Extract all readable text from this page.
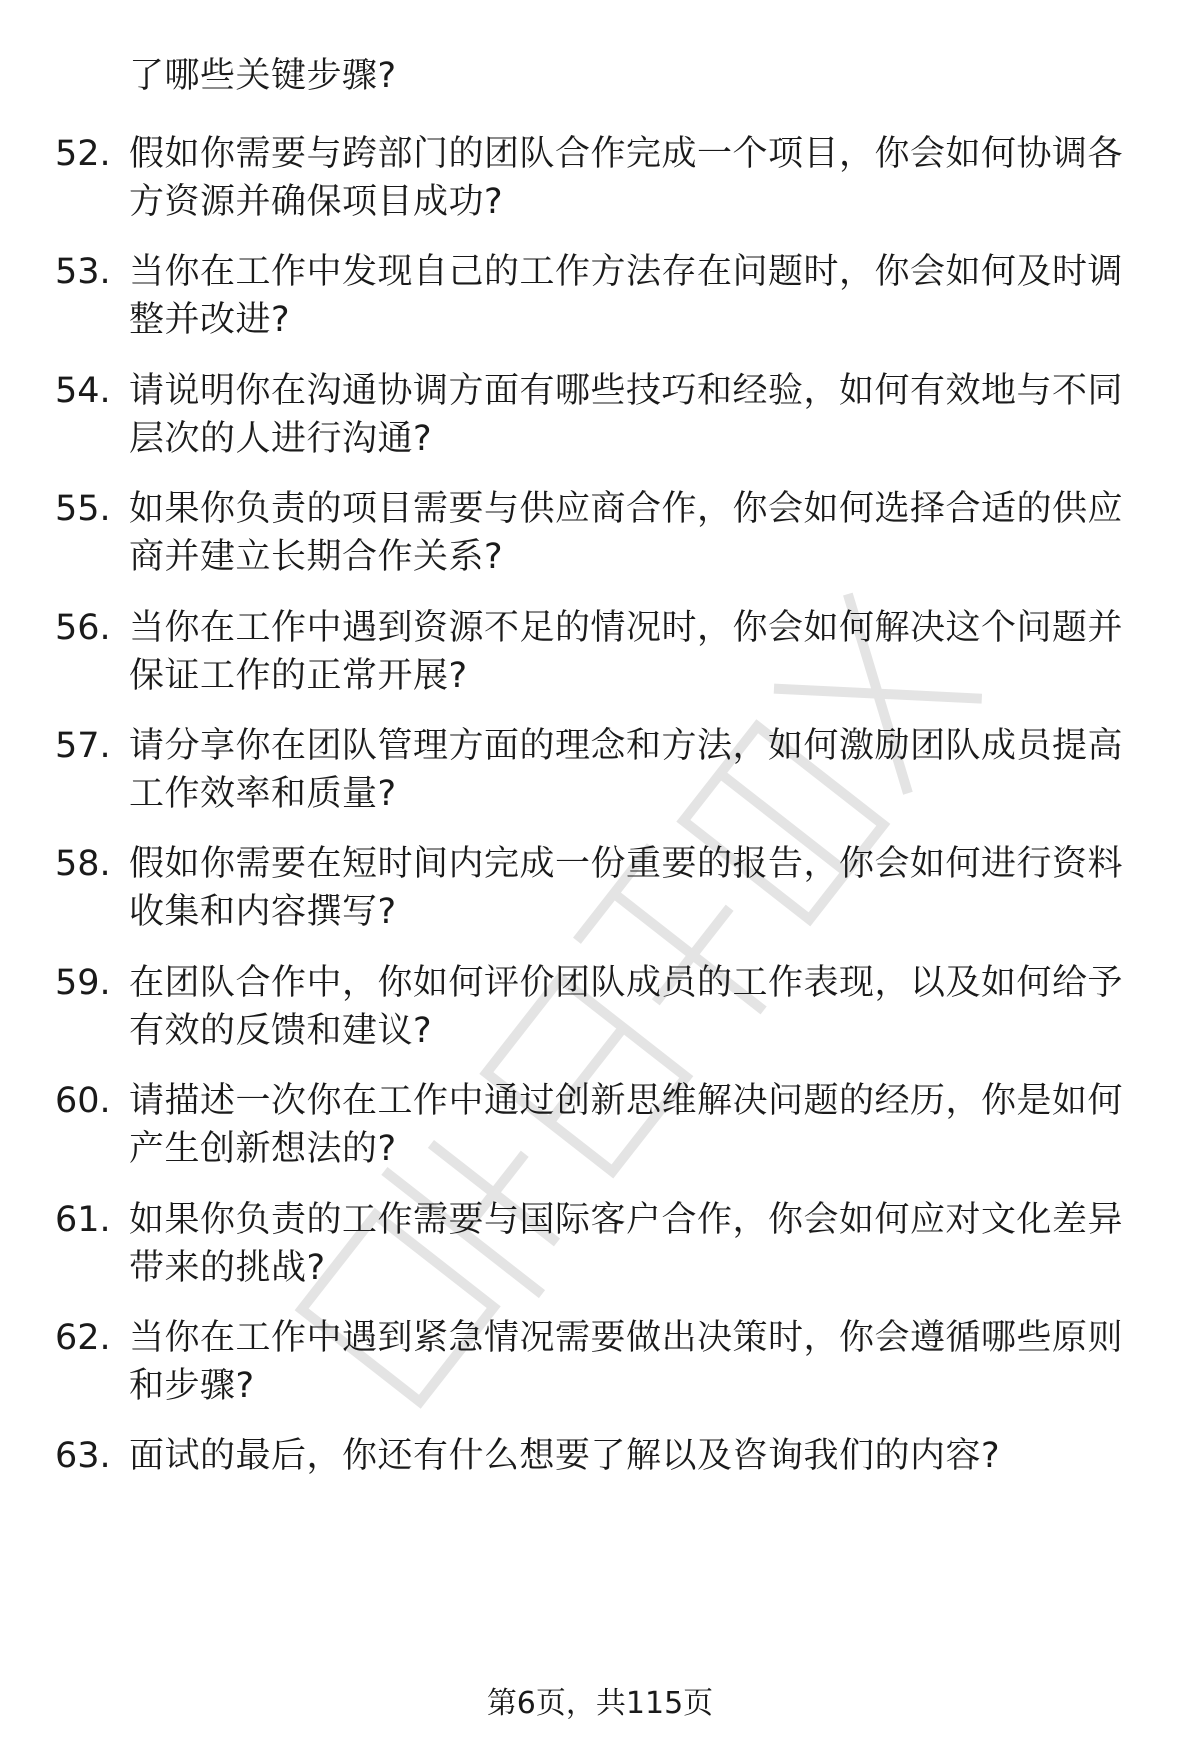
了哪些关键步骤?
52. 假如你需要与跨部门的团队合作完成一个项目，你会如何协调各
方资源并确保项目成功?
53. 当你在工作中发现自己的工作方法存在问题时，你会如何及时调
整并改进?
54. 请说明你在沟通协调方面有哪些技巧和经验，如何有效地与不同
层次的人进行沟通?
55. 如果你负责的项目需要与供应商合作，你会如何选择合适的供应
商并建立长期合作关系?
56. 当你在工作中遇到资源不足的情况时，你会如何解决这个问题并
保证工作的正常开展?
57. 请分享你在团队管理方面的理念和方法，如何激励团队成员提高
工作效率和质量?
58. 假如你需要在短时间内完成一份重要的报告，你会如何进行资料
收集和内容撰写?
59. 在团队合作中，你如何评价团队成员的工作表现，以及如何给予
有效的反馈和建议?
60. 请描述一次你在工作中通过创新思维解决问题的经历，你是如何
产生创新想法的?
61. 如果你负责的工作需要与国际客户合作，你会如何应对文化差异
带来的挑战?
62. 当你在工作中遇到紧急情况需要做出决策时，你会遵循哪些原则
和步骤?
63. 面试的最后，你还有什么想要了解以及咨询我们的内容?
第6页，共115页
